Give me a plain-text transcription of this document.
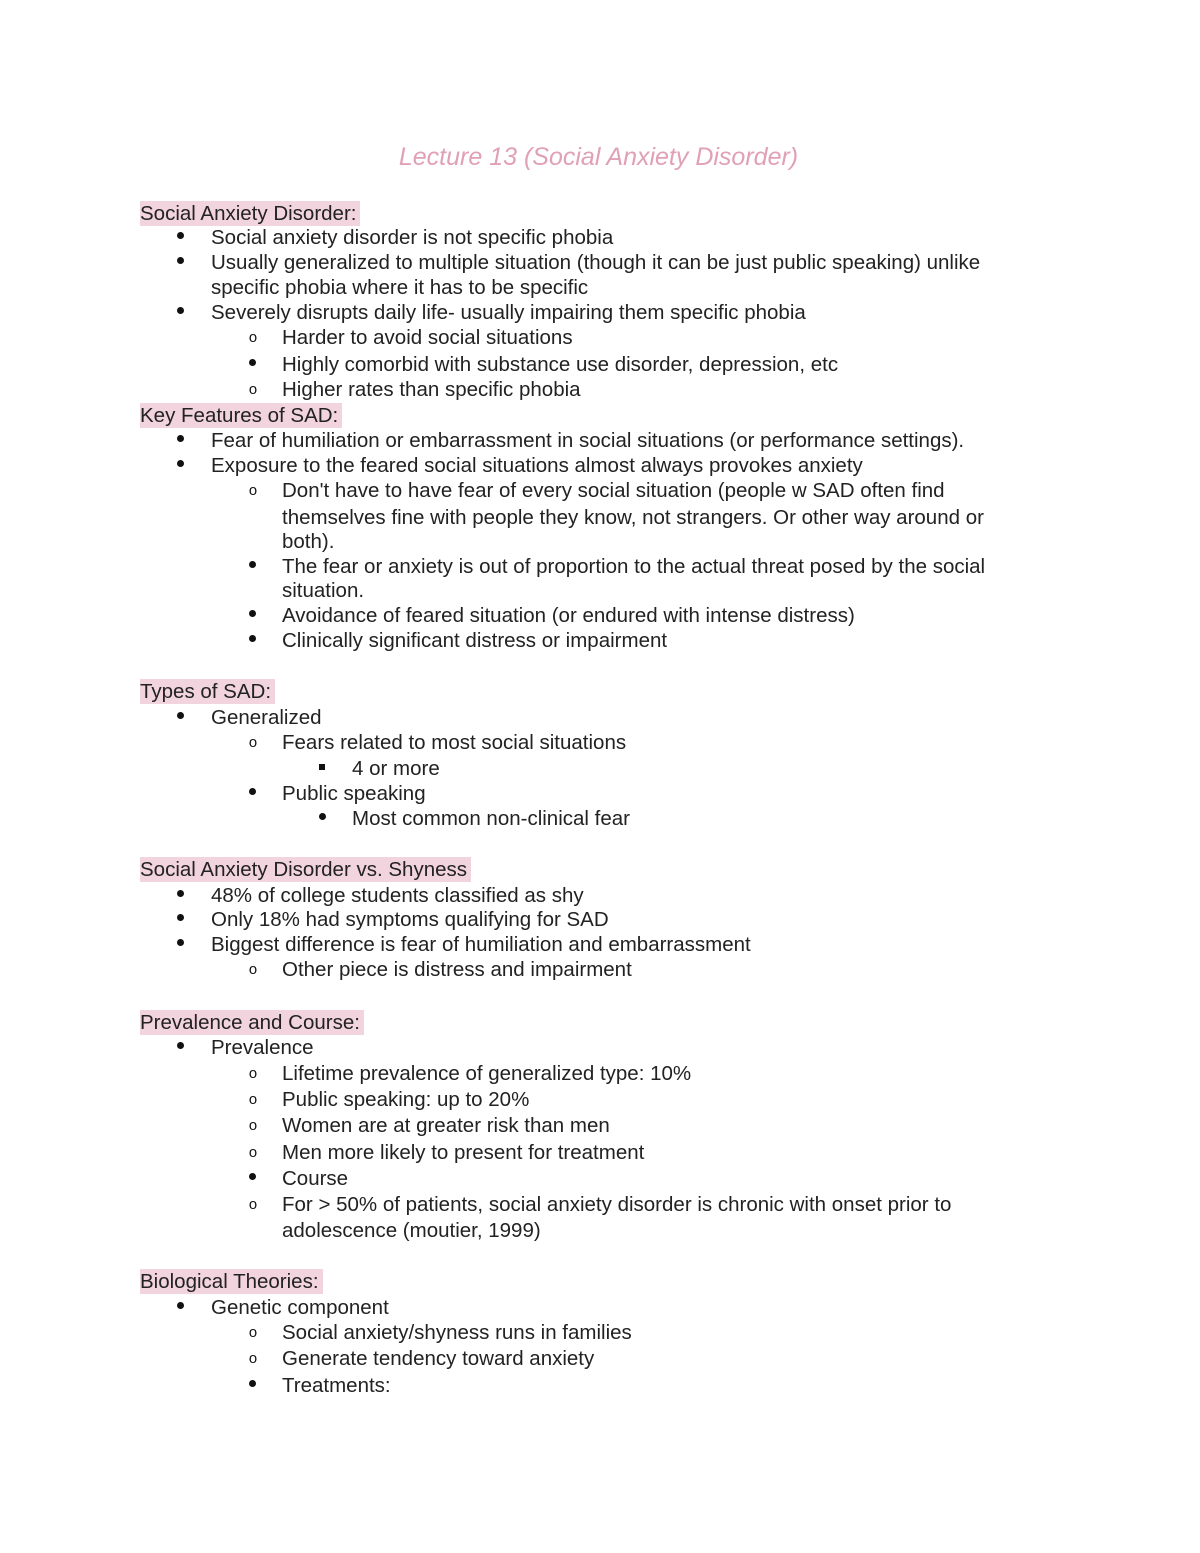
Lecture 13 (Social Anxiety Disorder)
Social Anxiety Disorder:
Social anxiety disorder is not specific phobia
Usually generalized to multiple situation (though it can be just public speaking) unlike
specific phobia where it has to be specific
Severely disrupts daily life- usually impairing them specific phobia
o Harder to avoid social situations
Highly comorbid with substance use disorder, depression, etc
o Higher rates than specific phobia
Key Features of SAD:
Fear of humiliation or embarrassment in social situations (or performance settings).
Exposure to the feared social situations almost always provokes anxiety
o Don't have to have fear of every social situation (people w SAD often find
themselves fine with people they know, not strangers. Or other way around or
both).
The fear or anxiety is out of proportion to the actual threat posed by the social
situation.
Avoidance of feared situation (or endured with intense distress)
Clinically significant distress or impairment
Types of SAD:
Generalized
o Fears related to most social situations
4 or more
Public speaking
Most common non-clinical fear
Social Anxiety Disorder vs. Shyness
48% of college students classified as shy
Only 18% had symptoms qualifying for SAD
Biggest difference is fear of humiliation and embarrassment
o Other piece is distress and impairment
Prevalence and Course:
Prevalence
o Lifetime prevalence of generalized type: 10%
o Public speaking: up to 20%
o Women are at greater risk than men
o Men more likely to present for treatment
Course
o For > 50% of patients, social anxiety disorder is chronic with onset prior to
adolescence (moutier, 1999)
Biological Theories:
Genetic component
o Social anxiety/shyness runs in families
o Generate tendency toward anxiety
Treatments:
